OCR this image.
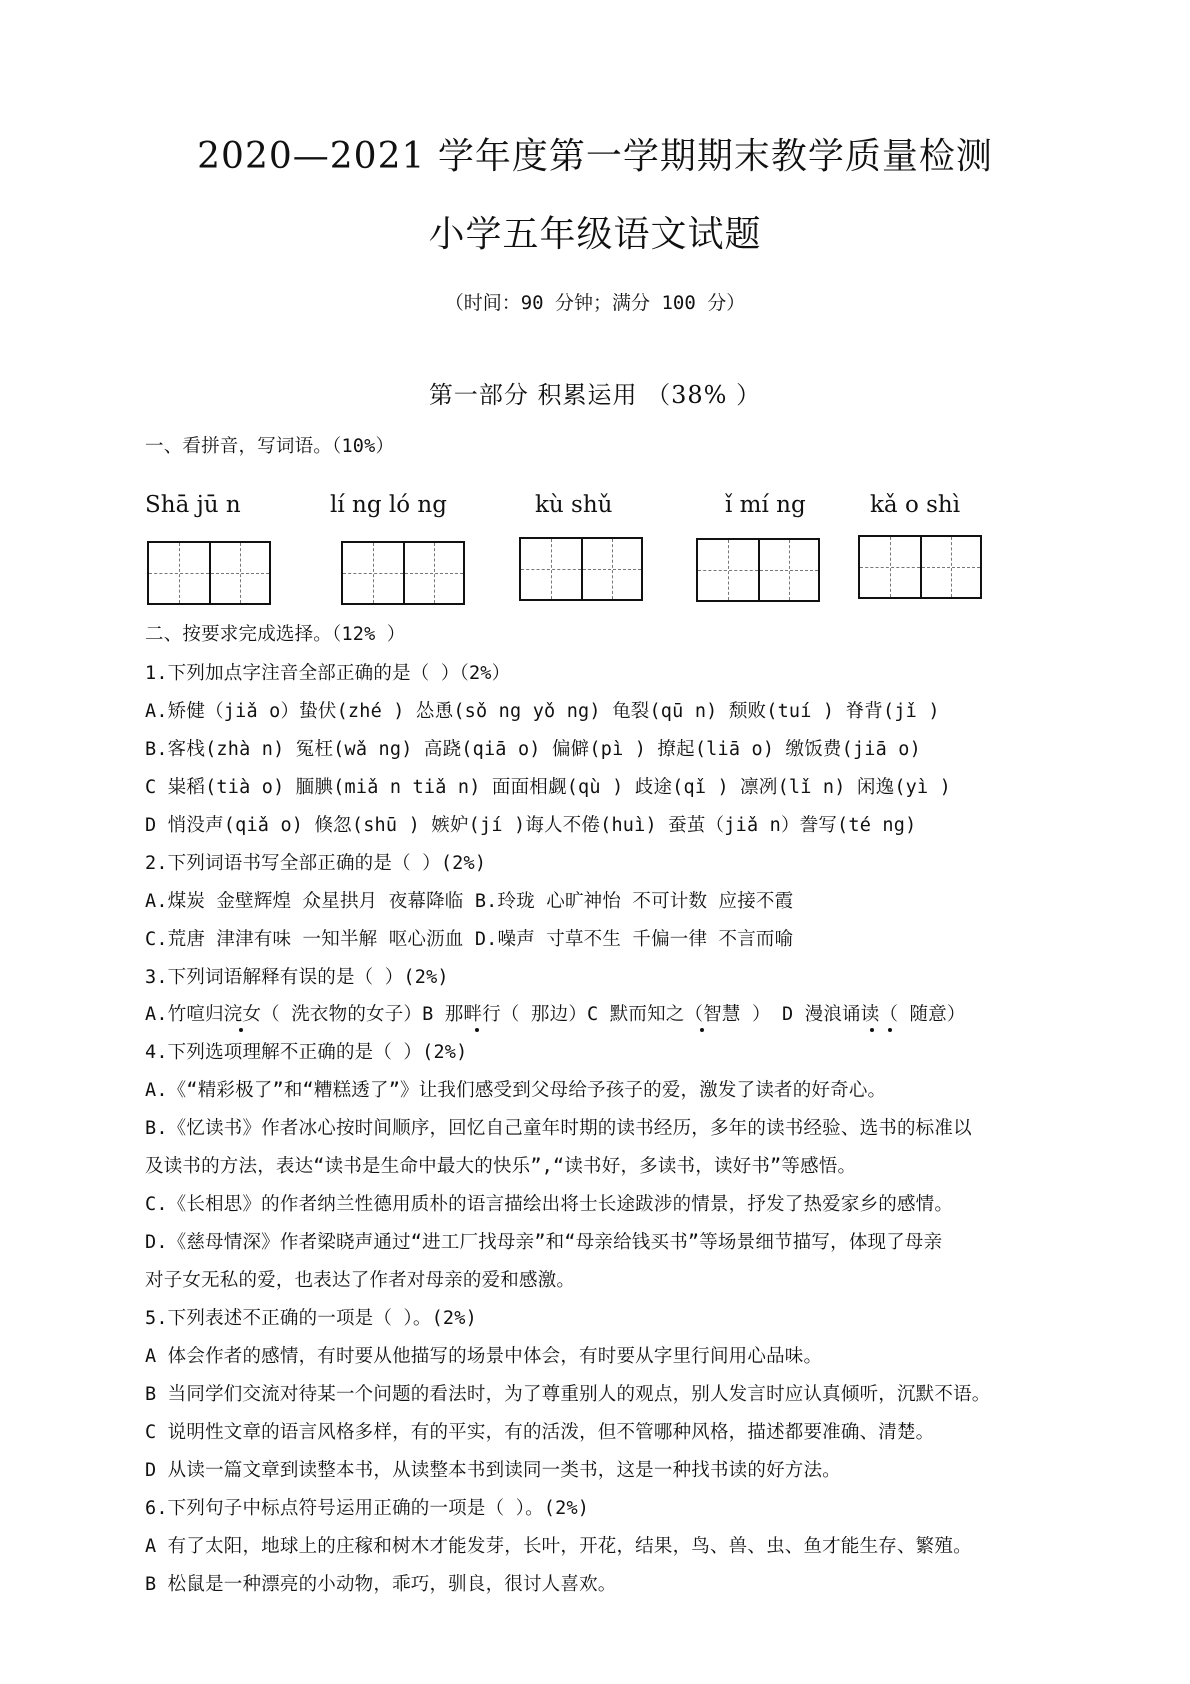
2020—2021 学年度第一学期期末教学质量检测
小学五年级语文试题
（时间：90 分钟；满分 100 分）
第一部分 积累运用 （38% ）
一、看拼音，写词语。（10%）
Shā jū n	lí ng ló ng	kù shǔ	ǐ mí ng	kǎ o shì
二、按要求完成选择。（12% ）
1.下列加点字注音全部正确的是（ ）（2%）
A.矫健（jiǎ o）蛰伏(zhé ) 怂恿(sǒ ng yǒ ng) 龟裂(qū n) 颓败(tuí ) 脊背(jǐ )
B.客栈(zhà n) 冤枉(wǎ ng) 高跷(qiā o) 偏僻(pì ) 撩起(liā o) 缴饭费(jiā o)
C 粜稻(tià o) 腼腆(miǎ n tiǎ n) 面面相觑(qù ) 歧途(qǐ ) 凛冽(lǐ n) 闲逸(yì )
D 悄没声(qiǎ o) 倏忽(shū ) 嫉妒(jí )诲人不倦(huì) 蚕茧（jiǎ n）誊写(té ng)
2.下列词语书写全部正确的是（ ）(2%)
A.煤炭 金壁辉煌 众星拱月 夜幕降临 B.玲珑 心旷神怡 不可计数 应接不霞
C.荒唐 津津有味 一知半解 呕心沥血 D.噪声 寸草不生 千偏一律 不言而喻
3.下列词语解释有误的是（ ）(2%)
A.竹喧归浣女（ 洗衣物的女子）B 那畔行（ 那边）C 默而知之（智慧 ） D 漫浪诵读（ 随意）
4.下列选项理解不正确的是（ ）(2%)
A.《“精彩极了”和“糟糕透了”》让我们感受到父母给予孩子的爱，激发了读者的好奇心。
B.《忆读书》作者冰心按时间顺序，回忆自己童年时期的读书经历，多年的读书经验、选书的标准以
及读书的方法，表达“读书是生命中最大的快乐”,“读书好，多读书，读好书”等感悟。
C.《长相思》的作者纳兰性德用质朴的语言描绘出将士长途跋涉的情景，抒发了热爱家乡的感情。
D.《慈母情深》作者梁晓声通过“进工厂找母亲”和“母亲给钱买书”等场景细节描写，体现了母亲
对子女无私的爱，也表达了作者对母亲的爱和感激。
5.下列表述不正确的一项是（ ）。(2%)
A 体会作者的感情，有时要从他描写的场景中体会，有时要从字里行间用心品味。
B 当同学们交流对待某一个问题的看法时，为了尊重别人的观点，别人发言时应认真倾听，沉默不语。
C 说明性文章的语言风格多样，有的平实，有的活泼，但不管哪种风格，描述都要准确、清楚。
D 从读一篇文章到读整本书，从读整本书到读同一类书，这是一种找书读的好方法。
6.下列句子中标点符号运用正确的一项是（ ）。(2%)
A 有了太阳，地球上的庄稼和树木才能发芽，长叶，开花，结果，鸟、兽、虫、鱼才能生存、繁殖。
B 松鼠是一种漂亮的小动物，乖巧，驯良，很讨人喜欢。
